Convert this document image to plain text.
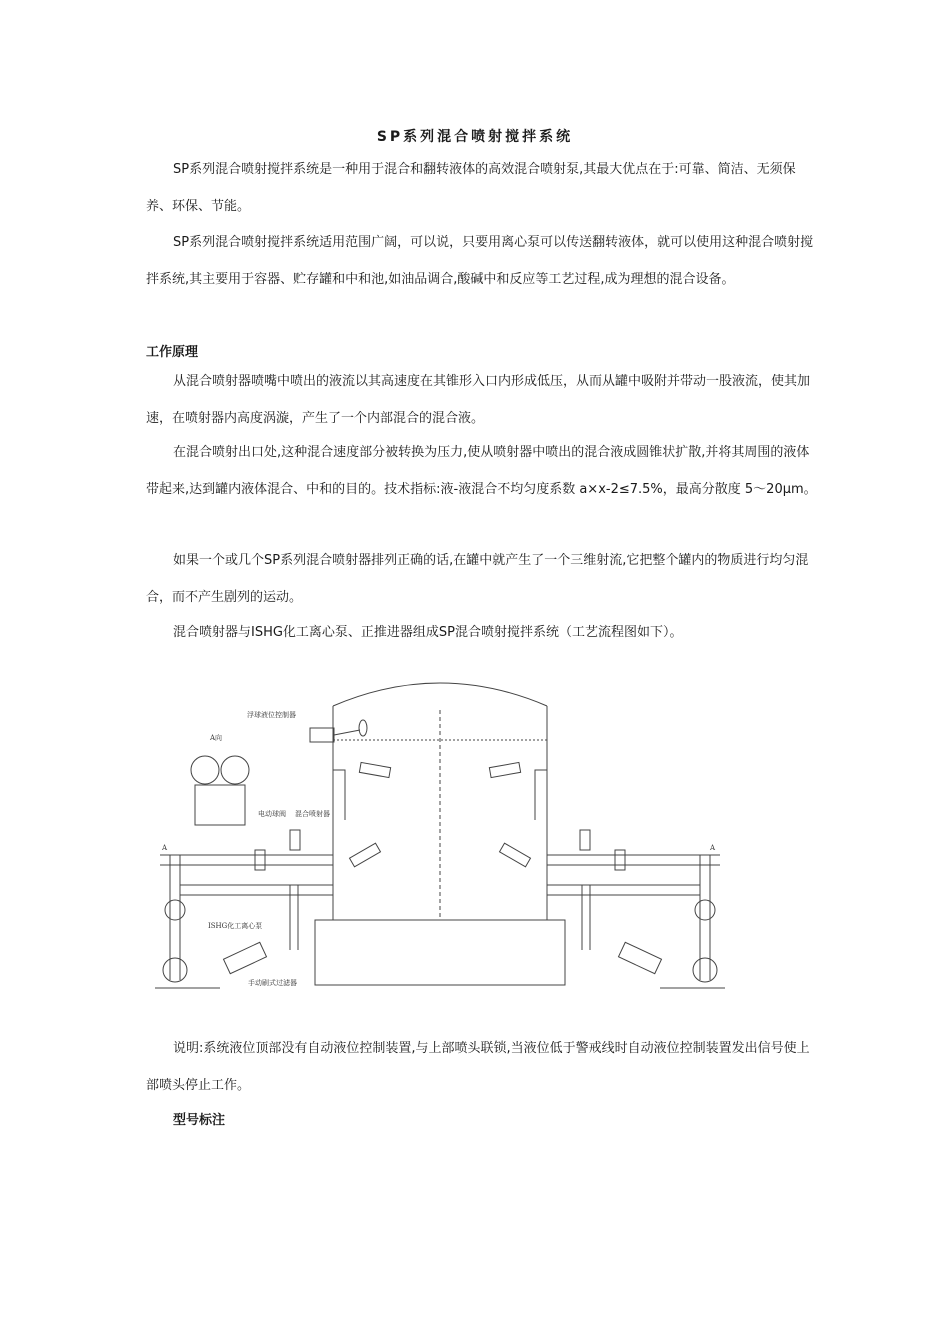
SP系列混合喷射搅拌系统

SP系列混合喷射搅拌系统是一种用于混合和翻转液体的高效混合喷射泵,其最大优点在于:可靠、简洁、无须保养、环保、节能。

SP系列混合喷射搅拌系统适用范围广阔，可以说，只要用离心泵可以传送翻转液体，就可以使用这种混合喷射搅拌系统,其主要用于容器、贮存罐和中和池,如油品调合,酸碱中和反应等工艺过程,成为理想的混合设备。

工作原理

从混合喷射器喷嘴中喷出的液流以其高速度在其锥形入口内形成低压，从而从罐中吸附并带动一股液流，使其加速，在喷射器内高度涡漩，产生了一个内部混合的混合液。

在混合喷射出口处,这种混合速度部分被转换为压力,使从喷射器中喷出的混合液成圆锥状扩散,并将其周围的液体带起来,达到罐内液体混合、中和的目的。技术指标:液-液混合不均匀度系数 a×x-2≤7.5%，最高分散度 5～20μm。

如果一个或几个SP系列混合喷射器排列正确的话,在罐中就产生了一个三维射流,它把整个罐内的物质进行均匀混合，而不产生剧列的运动。

混合喷射器与ISHG化工离心泵、正推进器组成SP混合喷射搅拌系统（工艺流程图如下）。

浮球液位控制器
A向
电动球阀 混合喷射器
ISHG化工离心泵
手动刷式过滤器
A	A

说明:系统液位顶部没有自动液位控制装置,与上部喷头联锁,当液位低于警戒线时自动液位控制装置发出信号使上部喷头停止工作。

型号标注
